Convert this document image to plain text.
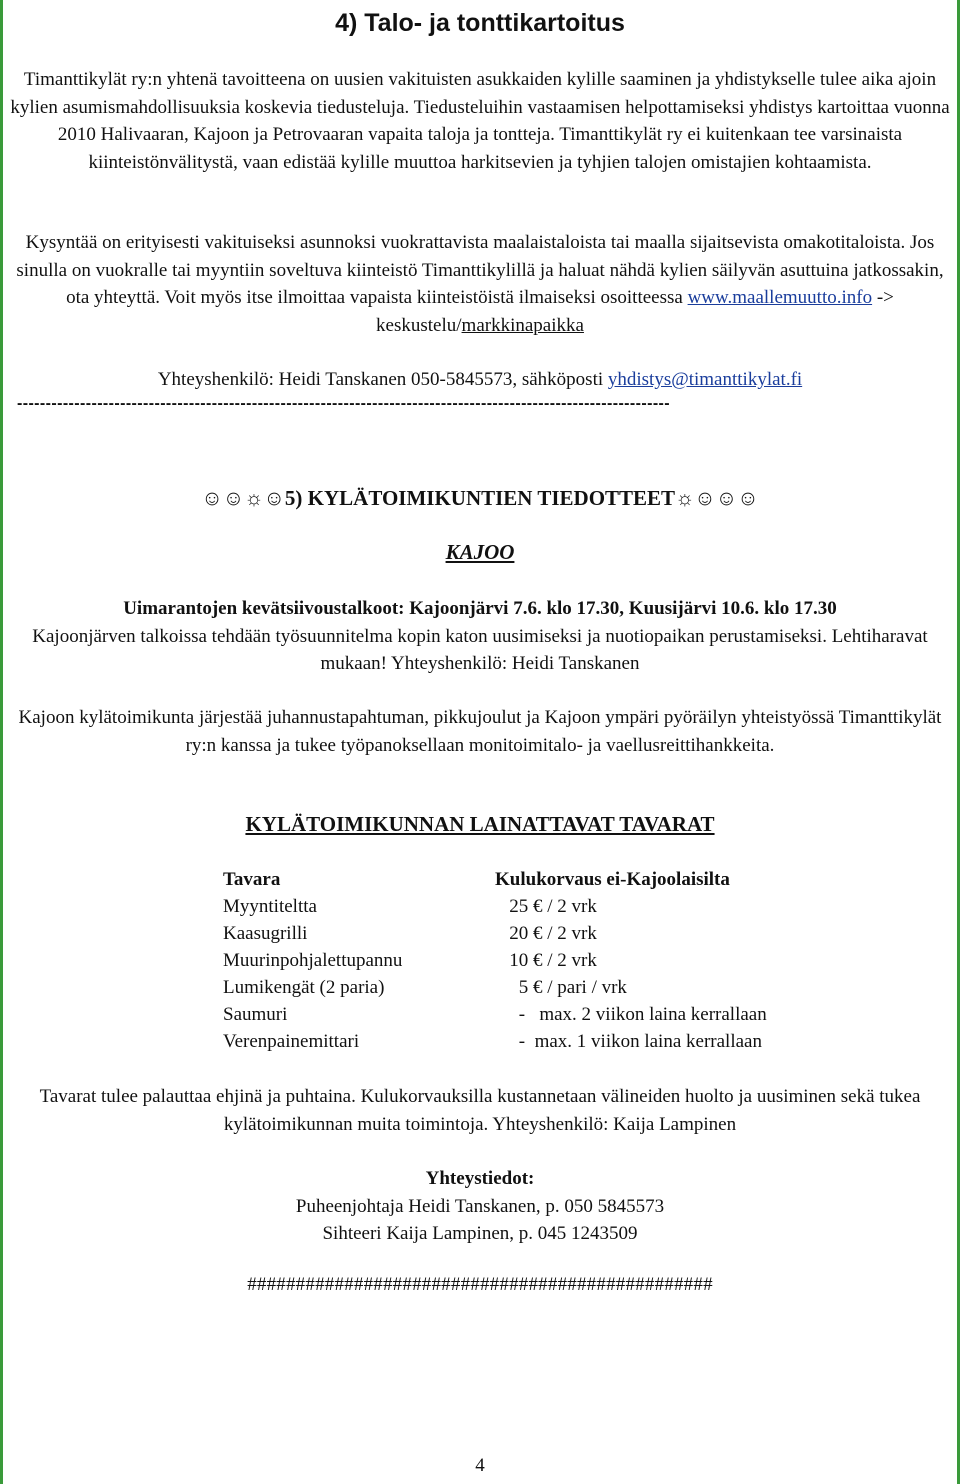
4) Talo- ja tonttikartoitus

Timanttikylät ry:n yhtenä tavoitteena on uusien vakituisten asukkaiden kylille saaminen ja yhdistykselle tulee aika ajoin kylien asumismahdollisuuksia koskevia tiedusteluja. Tiedusteluihin vastaamisen helpottamiseksi yhdistys kartoittaa vuonna 2010 Halivaaran, Kajoon ja Petrovaaran vapaita taloja ja tontteja. Timanttikylät ry ei kuitenkaan tee varsinaista kiinteistönvälitystä, vaan edistää kylille muuttoa harkitsevien ja tyhjien talojen omistajien kohtaamista.

Kysyntää on erityisesti vakituiseksi asunnoksi vuokrattavista maalaistaloista tai maalla sijaitsevista omakotitaloista. Jos sinulla on vuokralle tai myyntiin soveltuva kiinteistö Timanttikylillä ja haluat nähdä kylien säilyvän asuttuina jatkossakin, ota yhteyttä. Voit myös itse ilmoittaa vapaista kiinteistöistä ilmaiseksi osoitteessa www.maallemuutto.info -> keskustelu/markkinapaikka

Yhteyshenkilö: Heidi Tanskanen 050-5845573, sähköposti yhdistys@timanttikylat.fi

------------------------------------------------------------------------------------------------------------------
☺☺☼☺5) KYLÄTOIMIKUNTIEN TIEDOTTEET☼☺☺☺
KAJOO

Uimarantojen kevätsiivoustalkoot: Kajoonjärvi 7.6. klo 17.30, Kuusijärvi 10.6. klo 17.30

Kajoonjärven talkoissa tehdään työsuunnitelma kopin katon uusimiseksi ja nuotiopaikan perustamiseksi. Lehtiharavat mukaan! Yhteyshenkilö: Heidi Tanskanen

Kajoon kylätoimikunta järjestää juhannustapahtuman, pikkujoulut ja Kajoon ympäri pyöräilyn yhteistyössä Timanttikylät ry:n kanssa ja tukee työpanoksellaan monitoimitalo- ja vaellusreittihankkeita.

KYLÄTOIMIKUNNAN LAINATTAVAT TAVARAT
Tavara	Kulukorvaus ei-Kajoolaisilta
Myyntiteltta	25 € / 2 vrk
Kaasugrilli	20 € / 2 vrk
Muurinpohjalettupannu	10 € / 2 vrk
Lumikengät (2 paria)	5 € / pari / vrk
Saumuri	-   max. 2 viikon laina kerrallaan
Verenpainemittari	-  max. 1 viikon laina kerrallaan

Tavarat tulee palauttaa ehjinä ja puhtaina. Kulukorvauksilla kustannetaan välineiden huolto ja uusiminen sekä tukea kylätoimikunnan muita toimintoja. Yhteyshenkilö: Kaija Lampinen

Yhteystiedot:

Puheenjohtaja Heidi Tanskanen, p. 050 5845573

Sihteeri Kaija Lampinen, p. 045 1243509

################################################
4
